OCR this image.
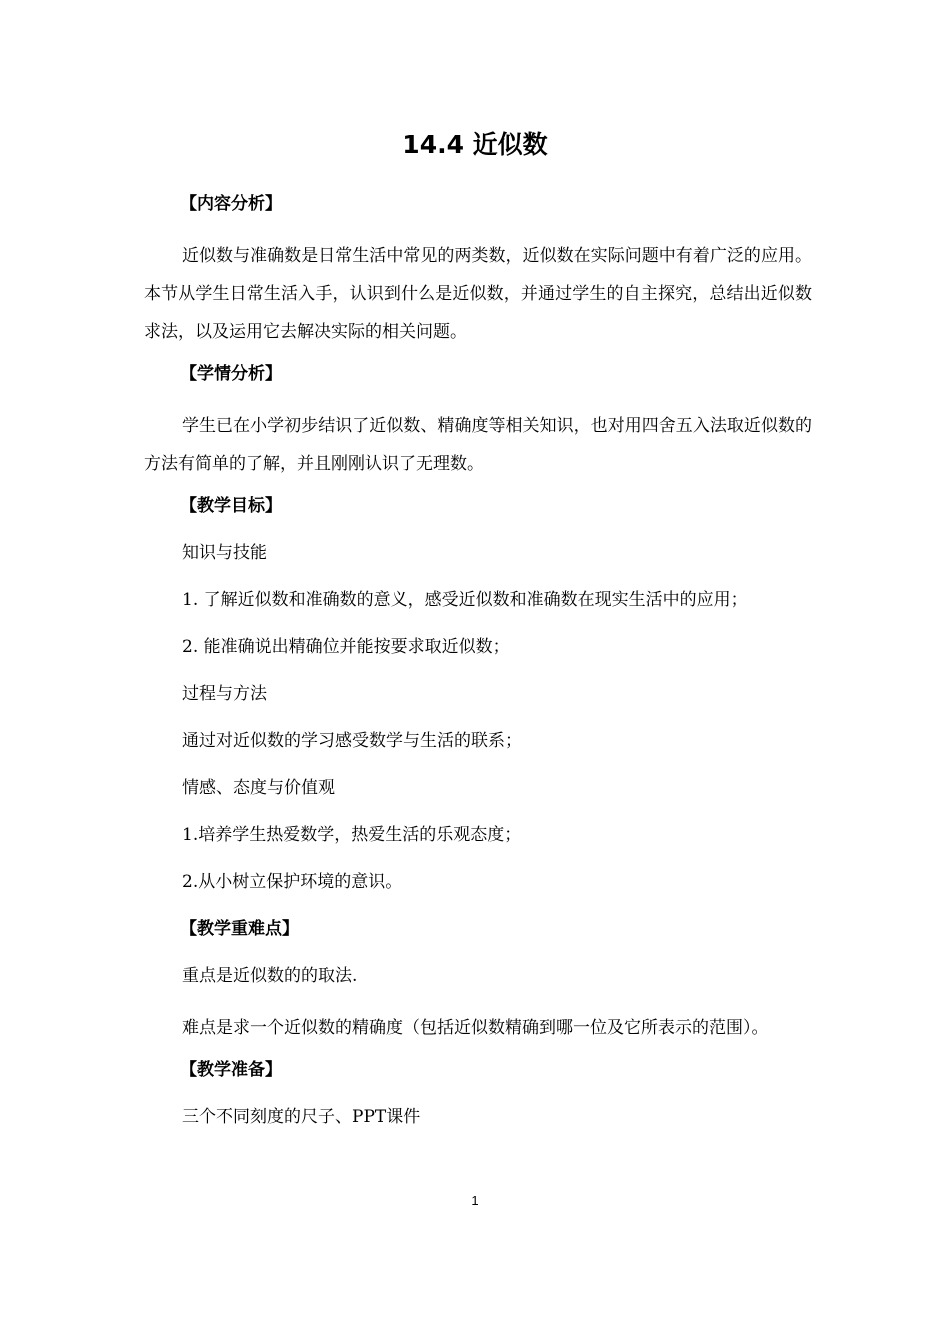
14.4 近似数
【内容分析】
近似数与准确数是日常生活中常见的两类数，近似数在实际问题中有着广泛的应用。本节从学生日常生活入手，认识到什么是近似数，并通过学生的自主探究，总结出近似数求法，以及运用它去解决实际的相关问题。
【学情分析】
学生已在小学初步结识了近似数、精确度等相关知识，也对用四舍五入法取近似数的方法有简单的了解，并且刚刚认识了无理数。
【教学目标】
知识与技能
1. 了解近似数和准确数的意义，感受近似数和准确数在现实生活中的应用；
2. 能准确说出精确位并能按要求取近似数；
过程与方法
通过对近似数的学习感受数学与生活的联系；
情感、态度与价值观
1.培养学生热爱数学，热爱生活的乐观态度；
2.从小树立保护环境的意识。
【教学重难点】
重点是近似数的的取法.
难点是求一个近似数的精确度（包括近似数精确到哪一位及它所表示的范围）。
【教学准备】
三个不同刻度的尺子、PPT课件
1
